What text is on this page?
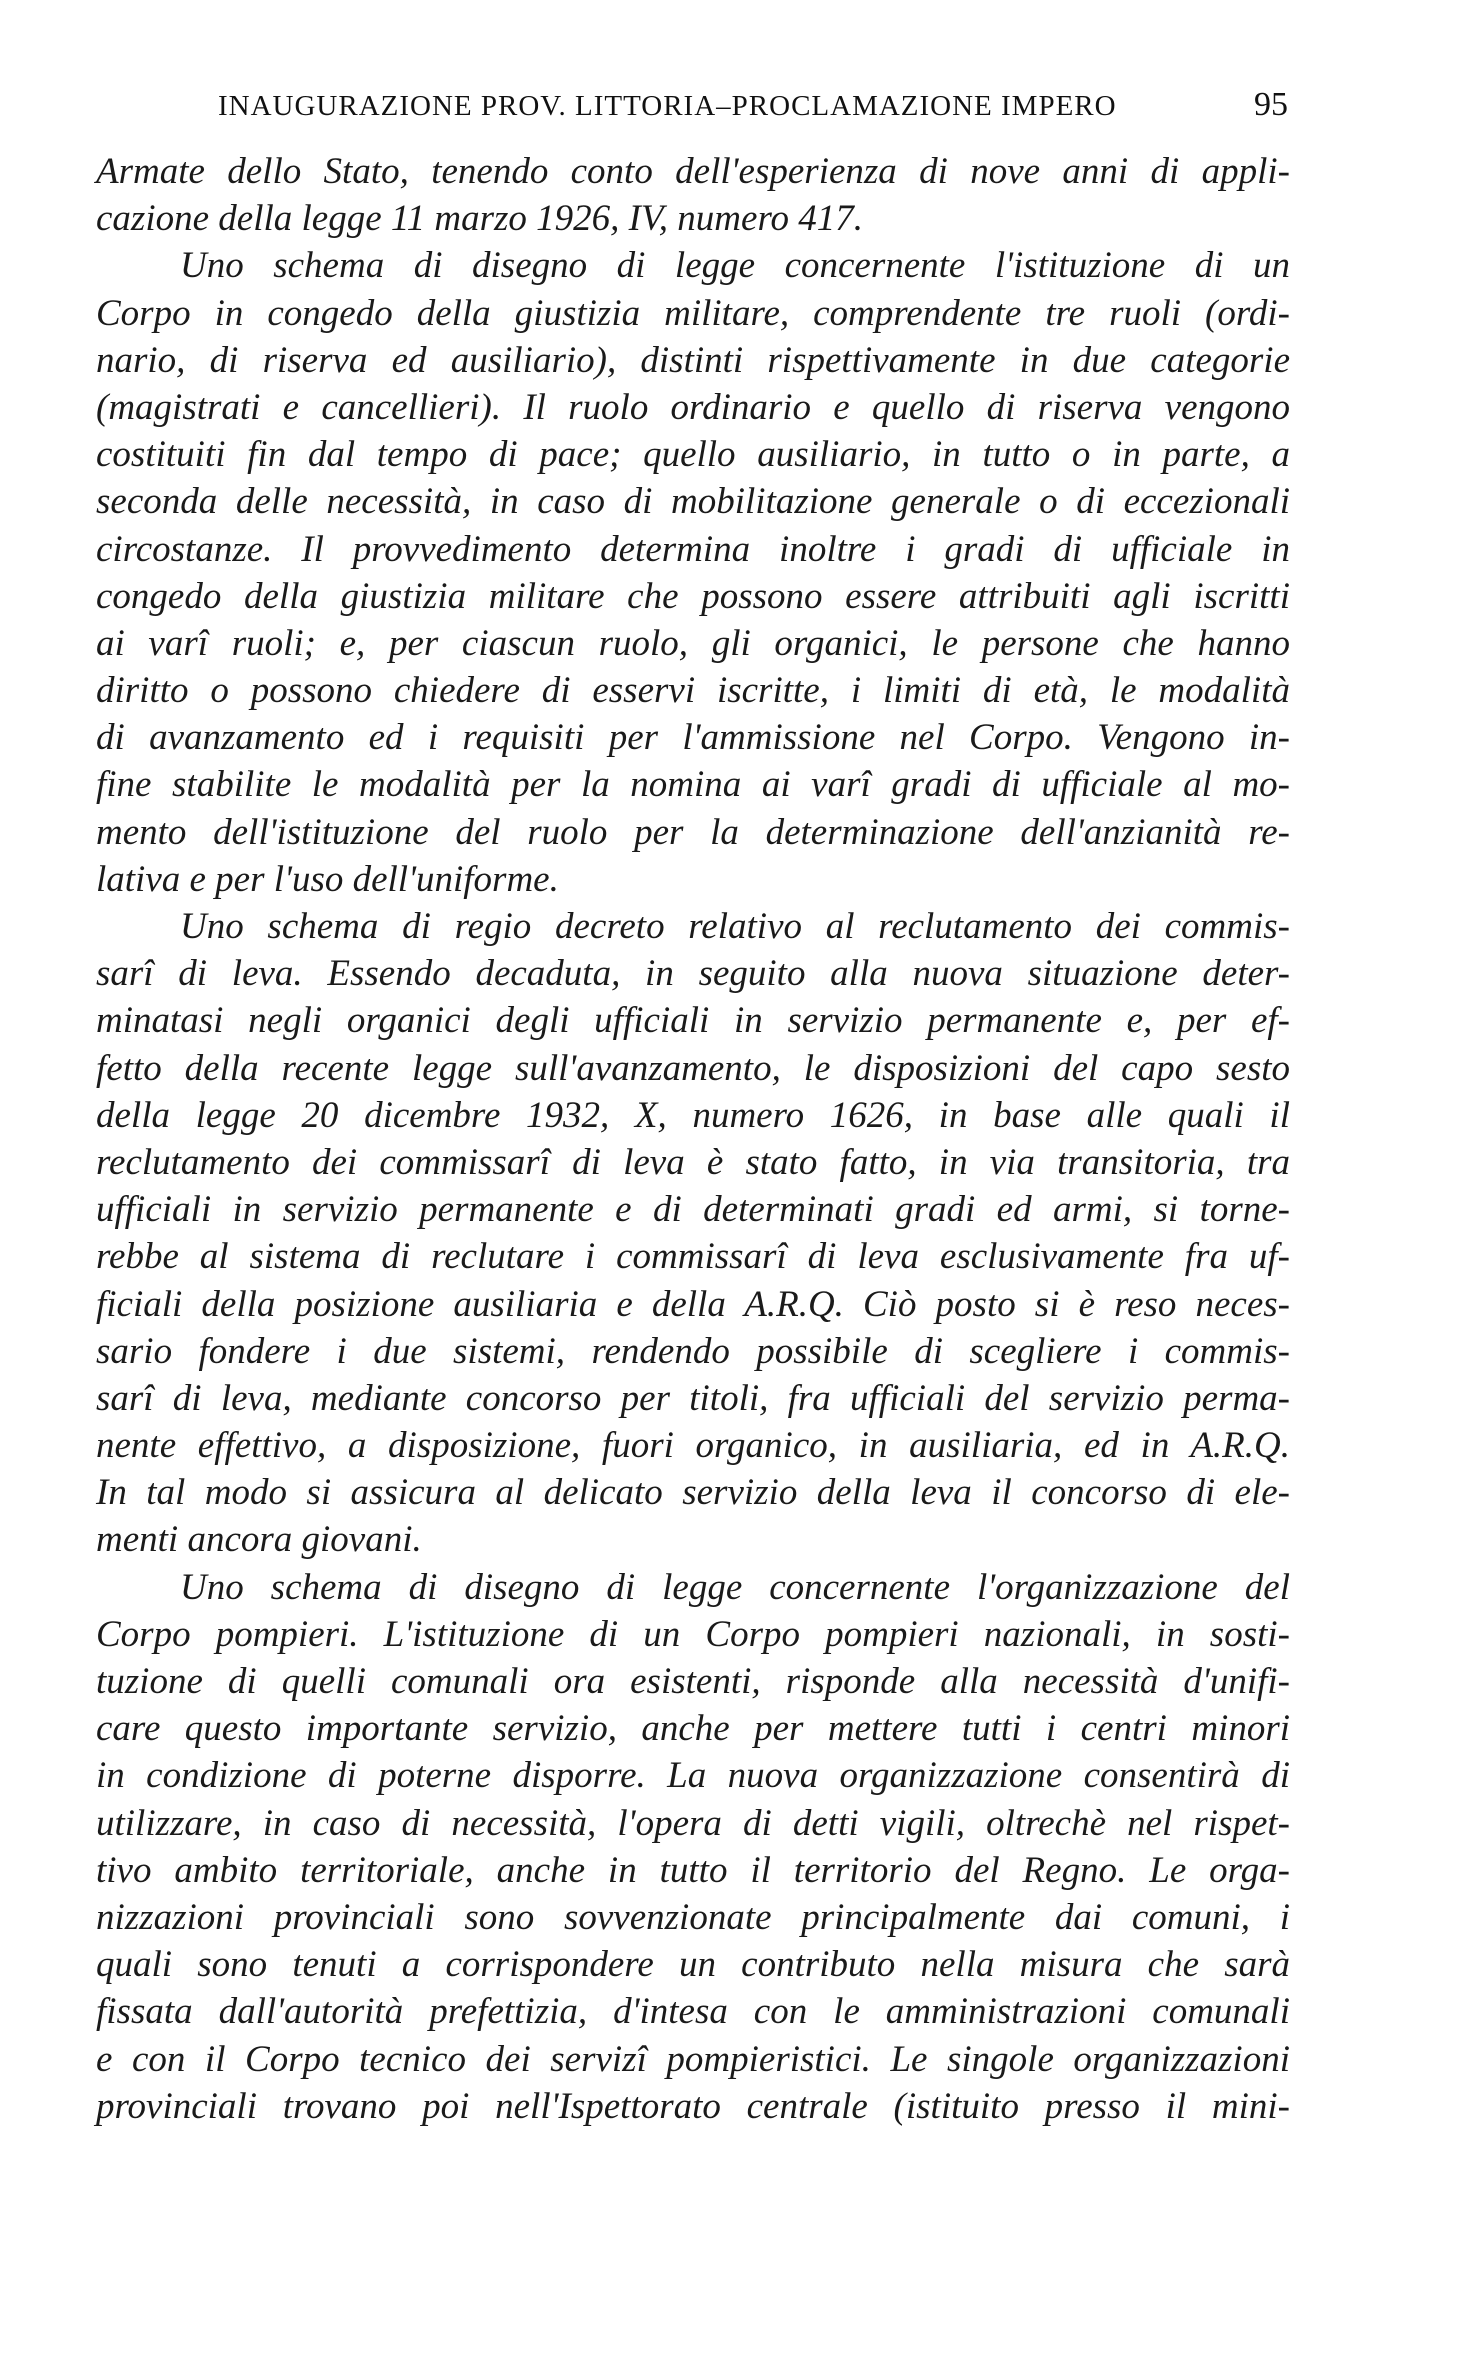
INAUGURAZIONE PROV. LITTORIA–PROCLAMAZIONE IMPERO	95
Armate dello Stato, tenendo conto dell'esperienza di nove anni di appli-
cazione della legge 11 marzo 1926, IV, numero 417.
Uno schema di disegno di legge concernente l'istituzione di un
Corpo in congedo della giustizia militare, comprendente tre ruoli (ordi-
nario, di riserva ed ausiliario), distinti rispettivamente in due categorie
(magistrati e cancellieri). Il ruolo ordinario e quello di riserva vengono
costituiti fin dal tempo di pace; quello ausiliario, in tutto o in parte, a
seconda delle necessità, in caso di mobilitazione generale o di eccezionali
circostanze. Il provvedimento determina inoltre i gradi di ufficiale in
congedo della giustizia militare che possono essere attribuiti agli iscritti
ai varî ruoli; e, per ciascun ruolo, gli organici, le persone che hanno
diritto o possono chiedere di esservi iscritte, i limiti di età, le modalità
di avanzamento ed i requisiti per l'ammissione nel Corpo. Vengono in-
fine stabilite le modalità per la nomina ai varî gradi di ufficiale al mo-
mento dell'istituzione del ruolo per la determinazione dell'anzianità re-
lativa e per l'uso dell'uniforme.
Uno schema di regio decreto relativo al reclutamento dei commis-
sarî di leva. Essendo decaduta, in seguito alla nuova situazione deter-
minatasi negli organici degli ufficiali in servizio permanente e, per ef-
fetto della recente legge sull'avanzamento, le disposizioni del capo sesto
della legge 20 dicembre 1932, X, numero 1626, in base alle quali il
reclutamento dei commissarî di leva è stato fatto, in via transitoria, tra
ufficiali in servizio permanente e di determinati gradi ed armi, si torne-
rebbe al sistema di reclutare i commissarî di leva esclusivamente fra uf-
ficiali della posizione ausiliaria e della A.R.Q. Ciò posto si è reso neces-
sario fondere i due sistemi, rendendo possibile di scegliere i commis-
sarî di leva, mediante concorso per titoli, fra ufficiali del servizio perma-
nente effettivo, a disposizione, fuori organico, in ausiliaria, ed in A.R.Q.
In tal modo si assicura al delicato servizio della leva il concorso di ele-
menti ancora giovani.
Uno schema di disegno di legge concernente l'organizzazione del
Corpo pompieri. L'istituzione di un Corpo pompieri nazionali, in sosti-
tuzione di quelli comunali ora esistenti, risponde alla necessità d'unifi-
care questo importante servizio, anche per mettere tutti i centri minori
in condizione di poterne disporre. La nuova organizzazione consentirà di
utilizzare, in caso di necessità, l'opera di detti vigili, oltrechè nel rispet-
tivo ambito territoriale, anche in tutto il territorio del Regno. Le orga-
nizzazioni provinciali sono sovvenzionate principalmente dai comuni, i
quali sono tenuti a corrispondere un contributo nella misura che sarà
fissata dall'autorità prefettizia, d'intesa con le amministrazioni comunali
e con il Corpo tecnico dei servizî pompieristici. Le singole organizzazioni
provinciali trovano poi nell'Ispettorato centrale (istituito presso il mini-
